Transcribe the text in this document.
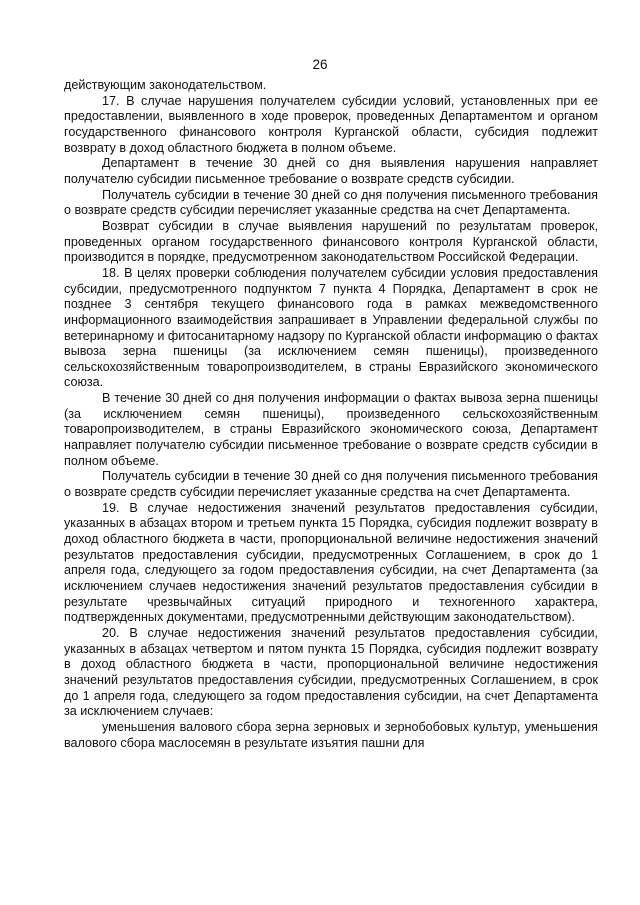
26

действующим законодательством.

17. В случае нарушения получателем субсидии условий, установленных при ее предоставлении, выявленного в ходе проверок, проведенных Департаментом и органом государственного финансового контроля Курганской области, субсидия подлежит возврату в доход областного бюджета в полном объеме.

Департамент в течение 30 дней со дня выявления нарушения направляет получателю субсидии письменное требование о возврате средств субсидии.

Получатель субсидии в течение 30 дней со дня получения письменного требования о возврате средств субсидии перечисляет указанные средства на счет Департамента.

Возврат субсидии в случае выявления нарушений по результатам проверок, проведенных органом государственного финансового контроля Курганской области, производится в порядке, предусмотренном законодательством Российской Федерации.

18. В целях проверки соблюдения получателем субсидии условия предоставления субсидии, предусмотренного подпунктом 7 пункта 4 Порядка, Департамент в срок не позднее 3 сентября текущего финансового года в рамках межведомственного информационного взаимодействия запрашивает в Управлении федеральной службы по ветеринарному и фитосанитарному надзору по Курганской области информацию о фактах вывоза зерна пшеницы (за исключением семян пшеницы), произведенного сельскохозяйственным товаропроизводителем, в страны Евразийского экономического союза.

В течение 30 дней со дня получения информации о фактах вывоза зерна пшеницы (за исключением семян пшеницы), произведенного сельскохозяйственным товаропроизводителем, в страны Евразийского экономического союза, Департамент направляет получателю субсидии письменное требование о возврате средств субсидии в полном объеме.

Получатель субсидии в течение 30 дней со дня получения письменного требования о возврате средств субсидии перечисляет указанные средства на счет Департамента.

19. В случае недостижения значений результатов предоставления субсидии, указанных в абзацах втором и третьем пункта 15 Порядка, субсидия подлежит возврату в доход областного бюджета в части, пропорциональной величине недостижения значений результатов предоставления субсидии, предусмотренных Соглашением, в срок до 1 апреля года, следующего за годом предоставления субсидии, на счет Департамента (за исключением случаев недостижения значений результатов предоставления субсидии в результате чрезвычайных ситуаций природного и техногенного характера, подтвержденных документами, предусмотренными действующим законодательством).

20. В случае недостижения значений результатов предоставления субсидии, указанных в абзацах четвертом и пятом пункта 15 Порядка, субсидия подлежит возврату в доход областного бюджета в части, пропорциональной величине недостижения значений результатов предоставления субсидии, предусмотренных Соглашением, в срок до 1 апреля года, следующего за годом предоставления субсидии, на счет Департамента за исключением случаев:

уменьшения валового сбора зерна зерновых и зернобобовых культур, уменьшения валового сбора маслосемян в результате изъятия пашни для
